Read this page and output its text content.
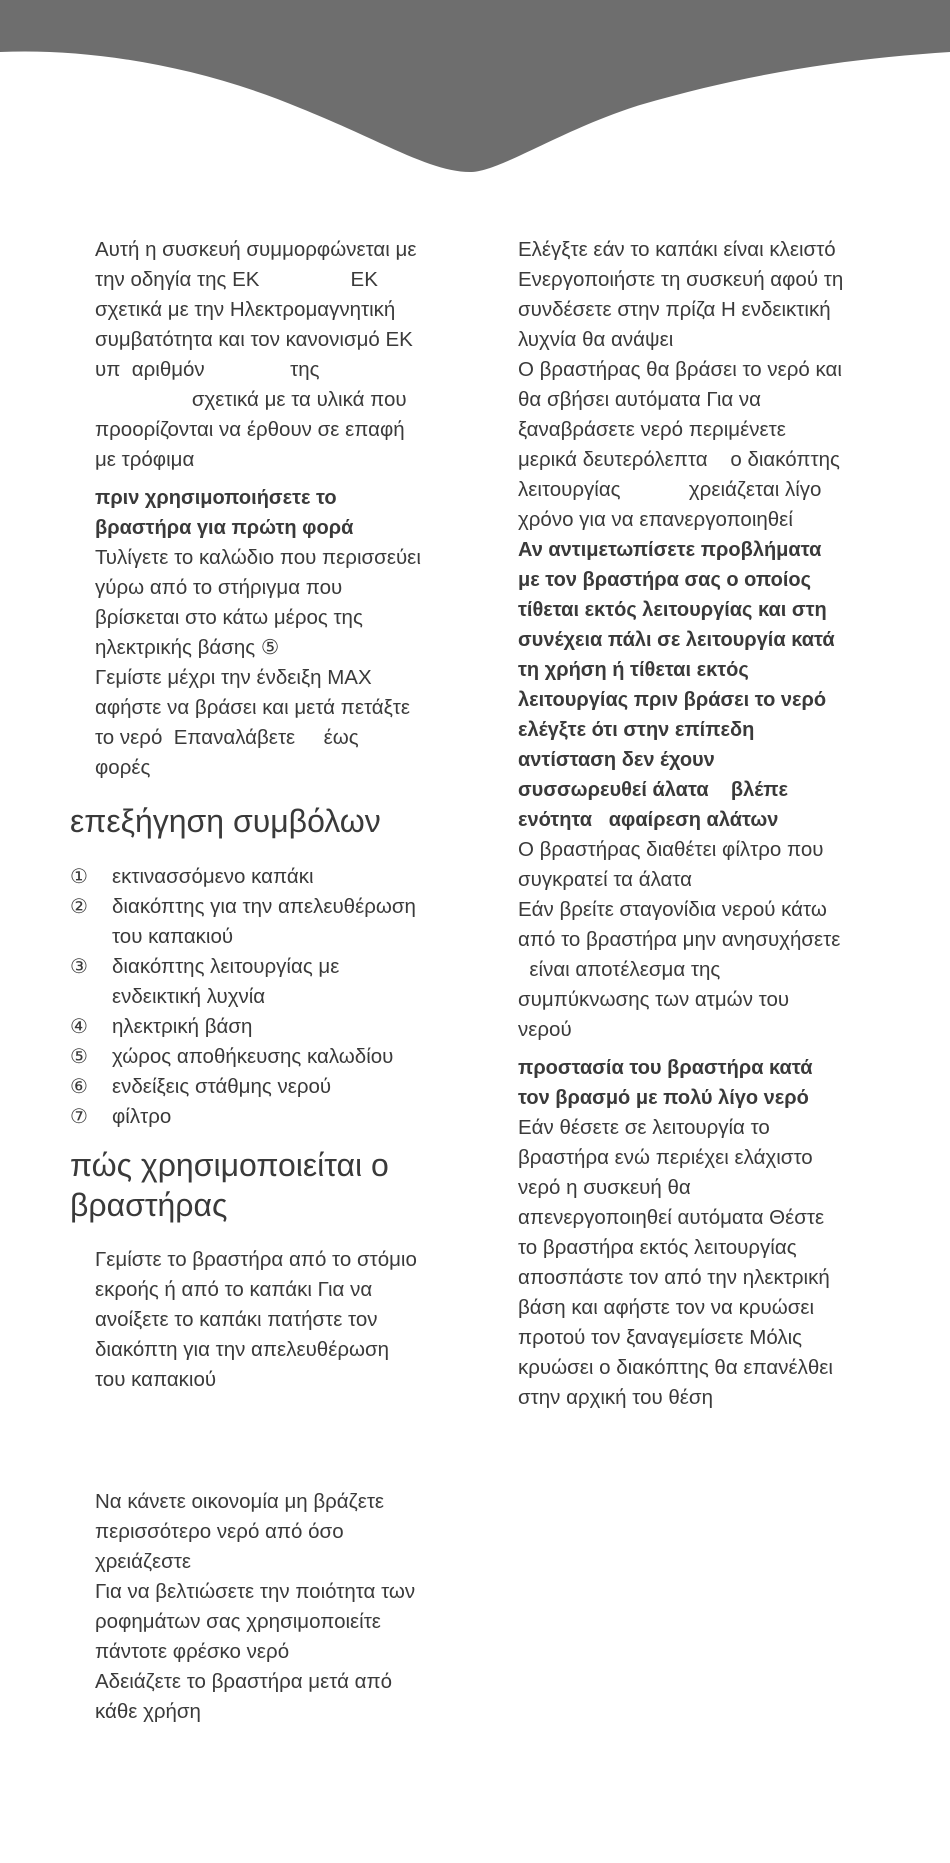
Αυτή η συσκευή συμμορφώνεται με

την οδηγία της ΕΚ                ΕΚ

σχετικά με την Ηλεκτρομαγνητική

συμβατότητα και τον κανονισμό ΕΚ

υπ  αριθμόν               της

σχετικά με τα υλικά που

προορίζονται να έρθουν σε επαφή

με τρόφιμα

πριν χρησιμοποιήσετε το

βραστήρα για πρώτη φορά

Τυλίγετε το καλώδιο που περισσεύει

γύρω από το στήριγμα που

βρίσκεται στο κάτω μέρος της

ηλεκτρικής βάσης ⑤

Γεμίστε μέχρι την ένδειξη MAX

αφήστε να βράσει και μετά πετάξτε

το νερό  Επαναλάβετε     έως

φορές

επεξήγηση συμβόλων
①	εκτινασσόμενο καπάκι
②	διακόπτης για την απελευθέρωση
του καπακιού
③	διακόπτης λειτουργίας με
ενδεικτική λυχνία
④	ηλεκτρική βάση
⑤	χώρος αποθήκευσης καλωδίου
⑥	ενδείξεις στάθμης νερού
⑦	φίλτρο
πώς χρησιμοποιείται ο
βραστήρας

Γεμίστε το βραστήρα από το στόμιο

εκροής ή από το καπάκι Για να

ανοίξετε το καπάκι πατήστε τον

διακόπτη για την απελευθέρωση

του καπακιού

Να κάνετε οικονομία μη βράζετε

περισσότερο νερό από όσο

χρειάζεστε

Για να βελτιώσετε την ποιότητα των

ροφημάτων σας χρησιμοποιείτε

πάντοτε φρέσκο νερό

Αδειάζετε το βραστήρα μετά από

κάθε χρήση

Ελέγξτε εάν το καπάκι είναι κλειστό

Ενεργοποιήστε τη συσκευή αφού τη

συνδέσετε στην πρίζα Η ενδεικτική

λυχνία θα ανάψει

Ο βραστήρας θα βράσει το νερό και

θα σβήσει αυτόματα Για να

ξαναβράσετε νερό περιμένετε

μερικά δευτερόλεπτα    ο διακόπτης

λειτουργίας            χρειάζεται λίγο

χρόνο για να επανεργοποιηθεί

Αν αντιμετωπίσετε προβλήματα

με τον βραστήρα σας ο οποίος

τίθεται εκτός λειτουργίας και στη

συνέχεια πάλι σε λειτουργία κατά

τη χρήση ή τίθεται εκτός

λειτουργίας πριν βράσει το νερό

ελέγξτε ότι στην επίπεδη

αντίσταση δεν έχουν

συσσωρευθεί άλατα    βλέπε

ενότητα   αφαίρεση αλάτων

Ο βραστήρας διαθέτει φίλτρο που

συγκρατεί τα άλατα

Εάν βρείτε σταγονίδια νερού κάτω

από το βραστήρα μην ανησυχήσετε

είναι αποτέλεσμα της

συμπύκνωσης των ατμών του

νερού

προστασία του βραστήρα κατά

τον βρασμό με πολύ λίγο νερό

Εάν θέσετε σε λειτουργία το

βραστήρα ενώ περιέχει ελάχιστο

νερό η συσκευή θα

απενεργοποιηθεί αυτόματα Θέστε

το βραστήρα εκτός λειτουργίας

αποσπάστε τον από την ηλεκτρική

βάση και αφήστε τον να κρυώσει

προτού τον ξαναγεμίσετε Μόλις

κρυώσει ο διακόπτης θα επανέλθει

στην αρχική του θέση
